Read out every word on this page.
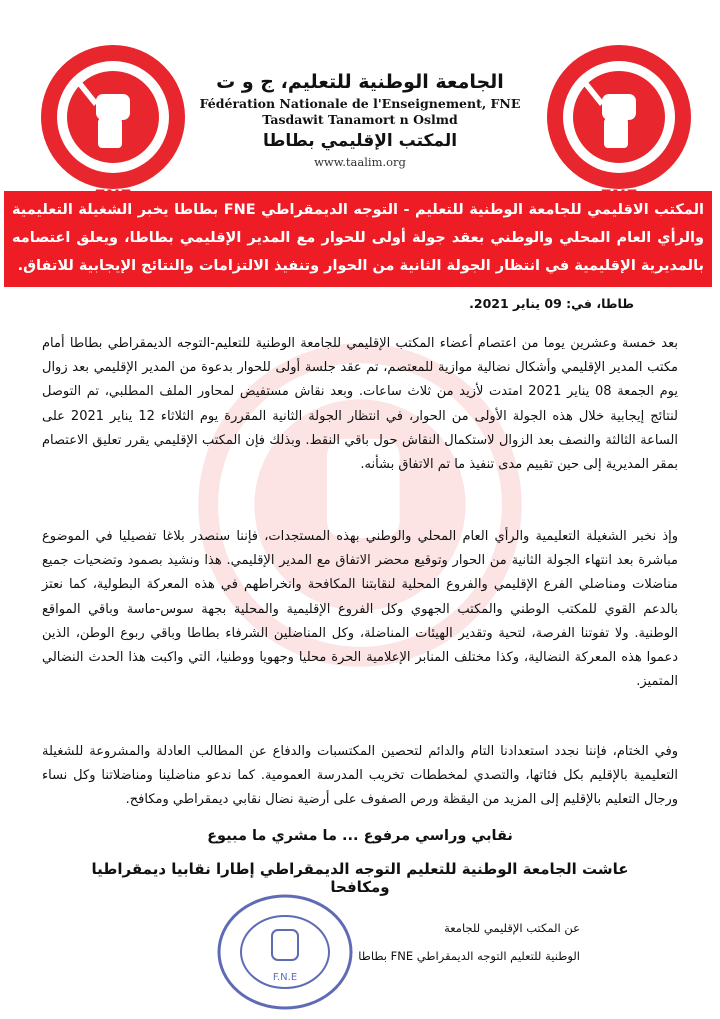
الجامعة الوطنية للتعليم، ج و ت

Fédération Nationale de l'Enseignement, FNE

Tasdawit Tanamort n Oslmd

المكتب الإقليمي بطاطا

www.taalim.org

المكتب الاقليمي للجامعة الوطنية للتعليم - التوجه الديمقراطي FNE بطاطا يخبر الشغيلة التعليمية والرأي العام المحلي والوطني بعقد جولة أولى للحوار مع المدير الإقليمي بطاطا، ويعلق اعتصامه بالمديرية الإقليمية في انتظار الجولة الثانية من الحوار وتنفيذ الالتزامات والنتائج الإيجابية للاتفاق.
طاطا، في: 09 يناير 2021.
بعد خمسة وعشرين يوما من اعتصام أعضاء المكتب الإقليمي للجامعة الوطنية للتعليم-التوجه الديمقراطي بطاطا أمام مكتب المدير الإقليمي وأشكال نضالية موازية للمعتصم، تم عقد جلسة أولى للحوار بدعوة من المدير الإقليمي بعد زوال يوم الجمعة 08 يناير 2021 امتدت لأزيد من ثلاث ساعات. وبعد نقاش مستفيض لمحاور الملف المطلبي، تم التوصل لنتائج إيجابية خلال هذه الجولة الأولى من الحوار، في انتظار الجولة الثانية المقررة يوم الثلاثاء 12 يناير 2021 على الساعة الثالثة والنصف بعد الزوال لاستكمال النقاش حول باقي النقط. وبذلك فإن المكتب الإقليمي يقرر تعليق الاعتصام بمقر المديرية إلى حين تقييم مدى تنفيذ ما تم الاتفاق بشأنه.
وإذ نخبر الشغيلة التعليمية والرأي العام المحلي والوطني بهذه المستجدات، فإننا سنصدر بلاغا تفصيليا في الموضوع مباشرة بعد انتهاء الجولة الثانية من الحوار وتوقيع محضر الاتفاق مع المدير الإقليمي. هذا ونشيد بصمود وتضحيات جميع مناضلات ومناضلي الفرع الإقليمي والفروع المحلية لنقابتنا المكافحة وانخراطهم في هذه المعركة البطولية، كما نعتز بالدعم القوي للمكتب الوطني والمكتب الجهوي وكل الفروع الإقليمية والمحلية بجهة سوس-ماسة وباقي المواقع الوطنية. ولا تفوتنا الفرصة، لتحية وتقدير الهيئات المناضلة، وكل المناضلين الشرفاء بطاطا وباقي ربوع الوطن، الذين دعموا هذه المعركة النضالية، وكذا مختلف المنابر الإعلامية الحرة محليا وجهويا ووطنيا، التي واكبت هذا الحدث النضالي المتميز.
وفي الختام، فإننا نجدد استعدادنا التام والدائم لتحصين المكتسبات والدفاع عن المطالب العادلة والمشروعة للشغيلة التعليمية بالإقليم بكل فئاتها، والتصدي لمخططات تخريب المدرسة العمومية. كما ندعو مناضلينا ومناضلاتنا وكل نساء ورجال التعليم بالإقليم إلى المزيد من اليقظة ورص الصفوف على أرضية نضال نقابي ديمقراطي ومكافح.
نقابي وراسي مرفوع ... ما مشري ما مبيوع
عاشت الجامعة الوطنية للتعليم التوجه الديمقراطي إطارا نقابيا ديمقراطيا ومكافحا
F.N.E
عن المكتب الإقليمي للجامعة
الوطنية للتعليم التوجه الديمقراطي FNE بطاطا
